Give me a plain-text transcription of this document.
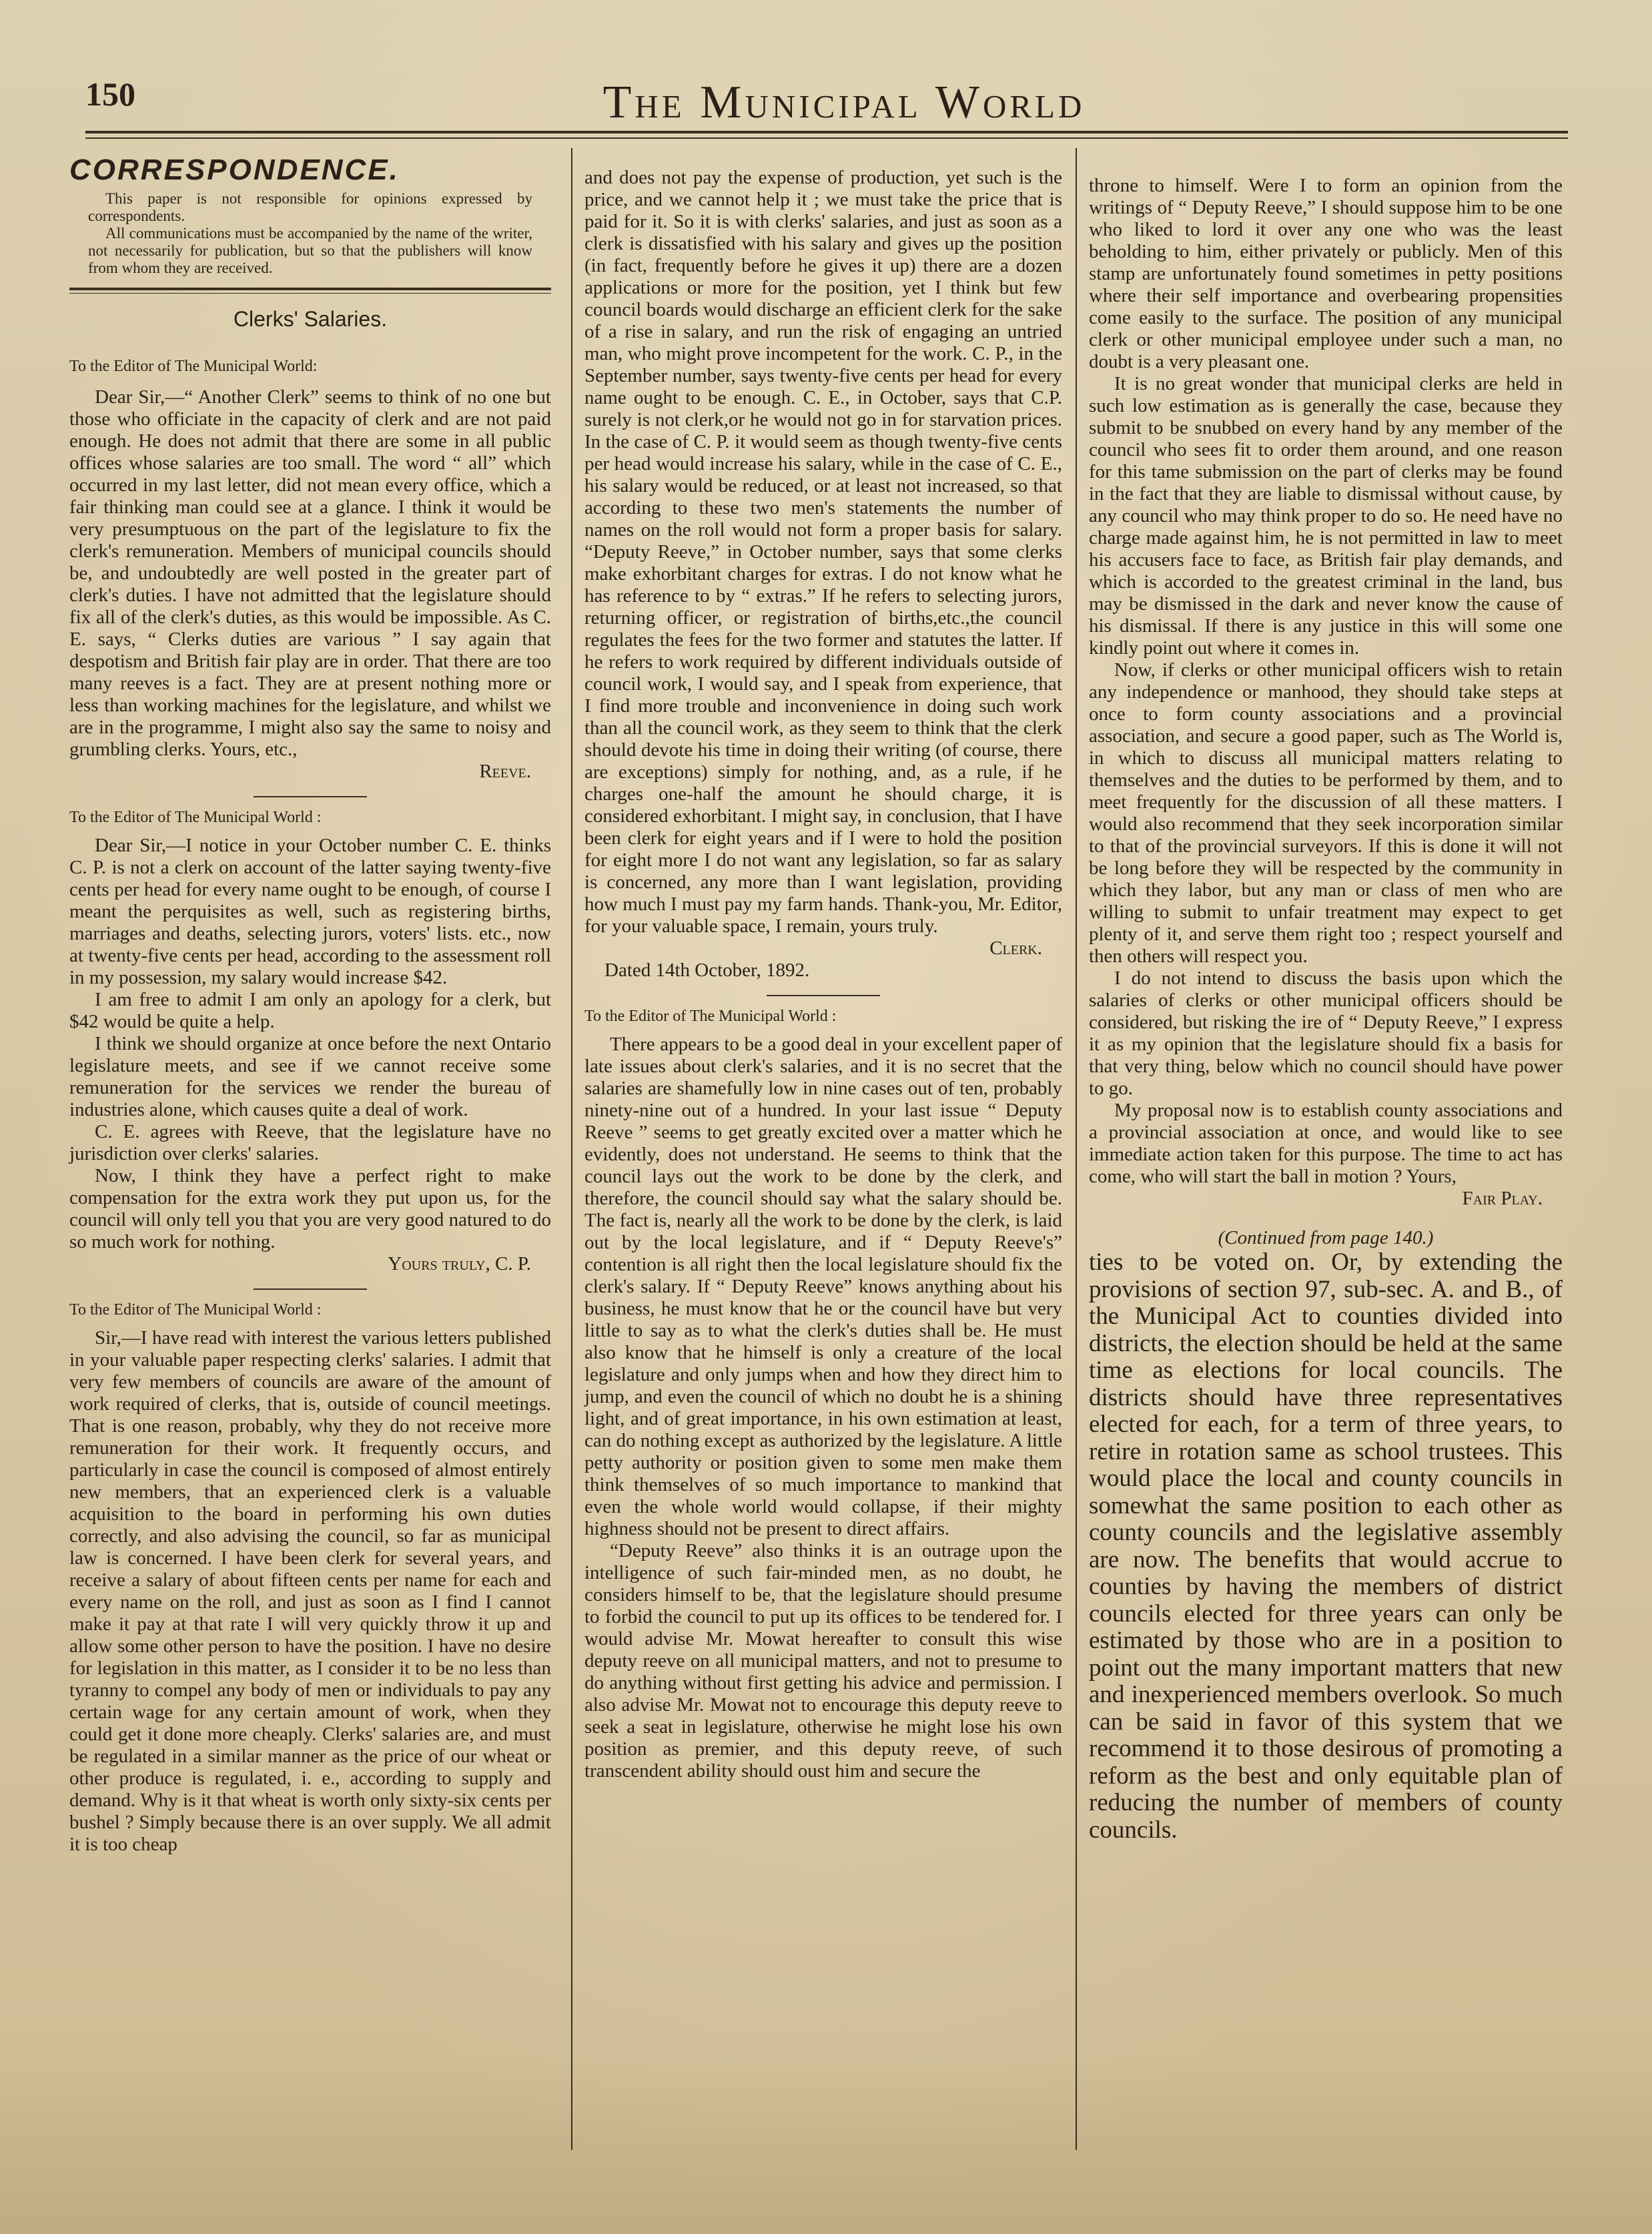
150	The Municipal World
CORRESPONDENCE.

This paper is not responsible for opinions expressed by correspondents.

All communications must be accompanied by the name of the writer, not necessarily for publication, but so that the publishers will know from whom they are received.

Clerks' Salaries.

To the Editor of The Municipal World:

Dear Sir,—“ Another Clerk” seems to think of no one but those who officiate in the capacity of clerk and are not paid enough. He does not admit that there are some in all public offices whose salaries are too small. The word “ all” which occurred in my last letter, did not mean every office, which a fair thinking man could see at a glance. I think it would be very presumptuous on the part of the legislature to fix the clerk's remuneration. Members of municipal councils should be, and undoubtedly are well posted in the greater part of clerk's duties. I have not admitted that the legislature should fix all of the clerk's duties, as this would be impossible. As C. E. says, “ Clerks duties are various ” I say again that despotism and British fair play are in order. That there are too many reeves is a fact. They are at present nothing more or less than working machines for the legislature, and whilst we are in the programme, I might also say the same to noisy and grumbling clerks. Yours, etc.,

Reeve.

To the Editor of The Municipal World :

Dear Sir,—I notice in your October number C. E. thinks C. P. is not a clerk on account of the latter saying twenty-five cents per head for every name ought to be enough, of course I meant the perquisites as well, such as registering births, marriages and deaths, selecting jurors, voters' lists. etc., now at twenty-five cents per head, according to the assessment roll in my possession, my salary would increase $42.

I am free to admit I am only an apology for a clerk, but $42 would be quite a help.

I think we should organize at once before the next Ontario legislature meets, and see if we cannot receive some remuneration for the services we render the bureau of industries alone, which causes quite a deal of work.

C. E. agrees with Reeve, that the legislature have no jurisdiction over clerks' salaries.

Now, I think they have a perfect right to make compensation for the extra work they put upon us, for the council will only tell you that you are very good natured to do so much work for nothing.

Yours truly, C. P.

To the Editor of The Municipal World :

Sir,—I have read with interest the various letters published in your valuable paper respecting clerks' salaries. I admit that very few members of councils are aware of the amount of work required of clerks, that is, outside of council meetings. That is one reason, probably, why they do not receive more remuneration for their work. It frequently occurs, and particularly in case the council is composed of almost entirely new members, that an experienced clerk is a valuable acquisition to the board in performing his own duties correctly, and also advising the council, so far as municipal law is concerned. I have been clerk for several years, and receive a salary of about fifteen cents per name for each and every name on the roll, and just as soon as I find I cannot make it pay at that rate I will very quickly throw it up and allow some other person to have the position. I have no desire for legislation in this matter, as I consider it to be no less than tyranny to compel any body of men or individuals to pay any certain wage for any certain amount of work, when they could get it done more cheaply. Clerks' salaries are, and must be regulated in a similar manner as the price of our wheat or other produce is regulated, i. e., according to supply and demand. Why is it that wheat is worth only sixty-six cents per bushel ? Simply because there is an over supply. We all admit it is too cheap

and does not pay the expense of production, yet such is the price, and we cannot help it ; we must take the price that is paid for it. So it is with clerks' salaries, and just as soon as a clerk is dissatisfied with his salary and gives up the position (in fact, frequently before he gives it up) there are a dozen applications or more for the position, yet I think but few council boards would discharge an efficient clerk for the sake of a rise in salary, and run the risk of engaging an untried man, who might prove incompetent for the work. C. P., in the September number, says twenty-five cents per head for every name ought to be enough. C. E., in October, says that C.P. surely is not clerk,or he would not go in for starvation prices. In the case of C. P. it would seem as though twenty-five cents per head would increase his salary, while in the case of C. E., his salary would be reduced, or at least not increased, so that according to these two men's statements the number of names on the roll would not form a proper basis for salary. “Deputy Reeve,” in October number, says that some clerks make exhorbitant charges for extras. I do not know what he has reference to by “ extras.” If he refers to selecting jurors, returning officer, or registration of births,etc.,the council regulates the fees for the two former and statutes the latter. If he refers to work required by different individuals outside of council work, I would say, and I speak from experience, that I find more trouble and inconvenience in doing such work than all the council work, as they seem to think that the clerk should devote his time in doing their writing (of course, there are exceptions) simply for nothing, and, as a rule, if he charges one-half the amount he should charge, it is considered exhorbitant. I might say, in conclusion, that I have been clerk for eight years and if I were to hold the position for eight more I do not want any legislation, so far as salary is concerned, any more than I want legislation, providing how much I must pay my farm hands. Thank-you, Mr. Editor, for your valuable space, I remain, yours truly.

Clerk.

Dated 14th October, 1892.

To the Editor of The Municipal World :

There appears to be a good deal in your excellent paper of late issues about clerk's salaries, and it is no secret that the salaries are shamefully low in nine cases out of ten, probably ninety-nine out of a hundred. In your last issue “ Deputy Reeve ” seems to get greatly excited over a matter which he evidently, does not understand. He seems to think that the council lays out the work to be done by the clerk, and therefore, the council should say what the salary should be. The fact is, nearly all the work to be done by the clerk, is laid out by the local legislature, and if “ Deputy Reeve's” contention is all right then the local legislature should fix the clerk's salary. If “ Deputy Reeve” knows anything about his business, he must know that he or the council have but very little to say as to what the clerk's duties shall be. He must also know that he himself is only a creature of the local legislature and only jumps when and how they direct him to jump, and even the council of which no doubt he is a shining light, and of great importance, in his own estimation at least, can do nothing except as authorized by the legislature. A little petty authority or position given to some men make them think themselves of so much importance to mankind that even the whole world would collapse, if their mighty highness should not be present to direct affairs.

“Deputy Reeve” also thinks it is an outrage upon the intelligence of such fair-minded men, as no doubt, he considers himself to be, that the legislature should presume to forbid the council to put up its offices to be tendered for. I would advise Mr. Mowat hereafter to consult this wise deputy reeve on all municipal matters, and not to presume to do anything without first getting his advice and permission. I also advise Mr. Mowat not to encourage this deputy reeve to seek a seat in legislature, otherwise he might lose his own position as premier, and this deputy reeve, of such transcendent ability should oust him and secure the

throne to himself. Were I to form an opinion from the writings of “ Deputy Reeve,” I should suppose him to be one who liked to lord it over any one who was the least beholding to him, either privately or publicly. Men of this stamp are unfortunately found sometimes in petty positions where their self importance and overbearing propensities come easily to the surface. The position of any municipal clerk or other municipal employee under such a man, no doubt is a very pleasant one.

It is no great wonder that municipal clerks are held in such low estimation as is generally the case, because they submit to be snubbed on every hand by any member of the council who sees fit to order them around, and one reason for this tame submission on the part of clerks may be found in the fact that they are liable to dismissal without cause, by any council who may think proper to do so. He need have no charge made against him, he is not permitted in law to meet his accusers face to face, as British fair play demands, and which is accorded to the greatest criminal in the land, bus may be dismissed in the dark and never know the cause of his dismissal. If there is any justice in this will some one kindly point out where it comes in.

Now, if clerks or other municipal officers wish to retain any independence or manhood, they should take steps at once to form county associations and a provincial association, and secure a good paper, such as The World is, in which to discuss all municipal matters relating to themselves and the duties to be performed by them, and to meet frequently for the discussion of all these matters. I would also recommend that they seek incorporation similar to that of the provincial surveyors. If this is done it will not be long before they will be respected by the community in which they labor, but any man or class of men who are willing to submit to unfair treatment may expect to get plenty of it, and serve them right too ; respect yourself and then others will respect you.

I do not intend to discuss the basis upon which the salaries of clerks or other municipal officers should be considered, but risking the ire of “ Deputy Reeve,” I express it as my opinion that the legislature should fix a basis for that very thing, below which no council should have power to go.

My proposal now is to establish county associations and a provincial association at once, and would like to see immediate action taken for this purpose. The time to act has come, who will start the ball in motion ? Yours,

Fair Play.

(Continued from page 140.)

ties to be voted on. Or, by extending the provisions of section 97, sub-sec. A. and B., of the Municipal Act to counties divided into districts, the election should be held at the same time as elections for local councils. The districts should have three representatives elected for each, for a term of three years, to retire in rotation same as school trustees. This would place the local and county councils in somewhat the same position to each other as county councils and the legislative assembly are now. The benefits that would accrue to counties by having the members of district councils elected for three years can only be estimated by those who are in a position to point out the many important matters that new and inexperienced members overlook. So much can be said in favor of this system that we recommend it to those desirous of promoting a reform as the best and only equitable plan of reducing the number of members of county councils.
